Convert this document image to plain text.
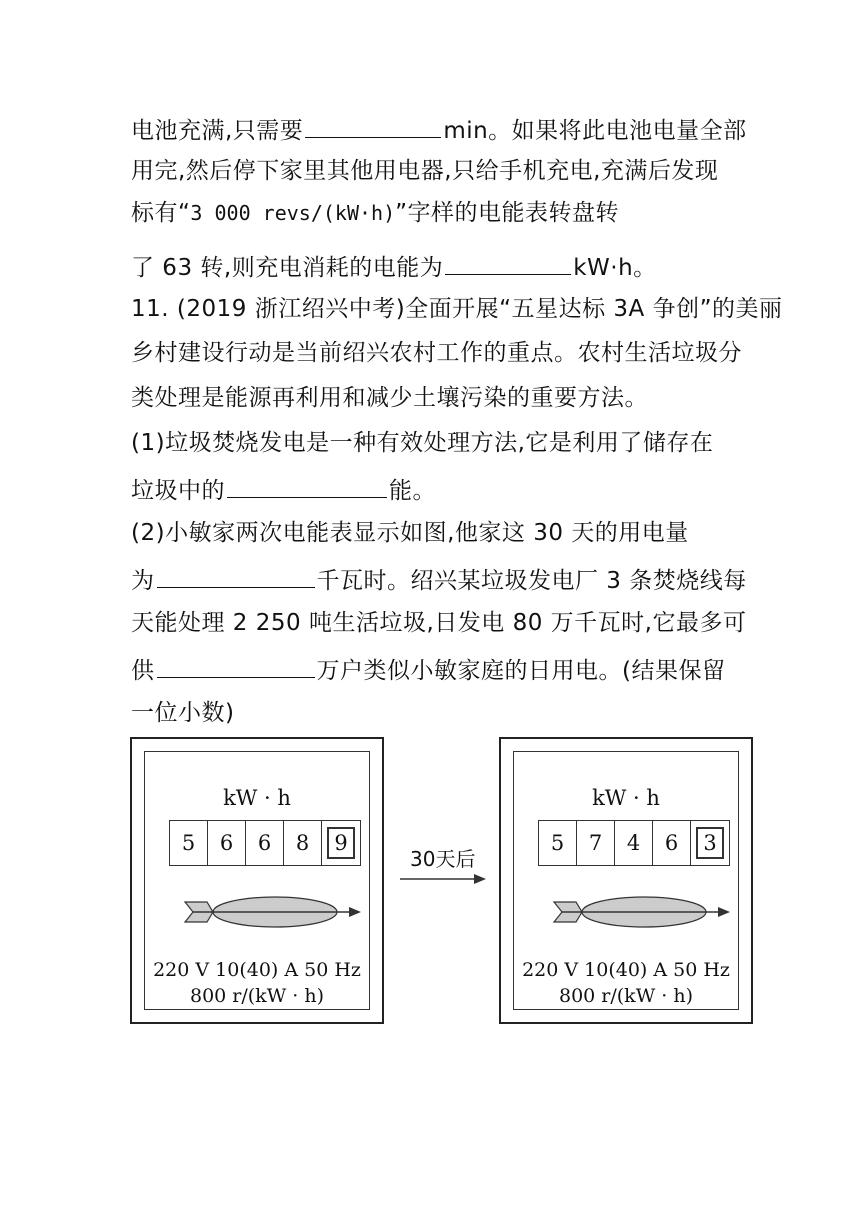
电池充满,只需要	min。如果将此电池电量全部
用完,然后停下家里其他用电器,只给手机充电,充满后发现
标有“3 000 revs/(kW·h)”字样的电能表转盘转
了 63 转,则充电消耗的电能为	kW·h。
11. (2019 浙江绍兴中考)全面开展“五星达标 3A 争创”的美丽
乡村建设行动是当前绍兴农村工作的重点。农村生活垃圾分
类处理是能源再利用和减少土壤污染的重要方法。
(1)垃圾焚烧发电是一种有效处理方法,它是利用了储存在
垃圾中的	能。
(2)小敏家两次电能表显示如图,他家这 30 天的用电量
为	千瓦时。绍兴某垃圾发电厂 3 条焚烧线每
天能处理 2 250 吨生活垃圾,日发电 80 万千瓦时,它最多可
供	万户类似小敏家庭的日用电。(结果保留
一位小数)
kW · h
5	6	6	8	9
220 V 10(40) A 50 Hz
800 r/(kW · h)
30天后
kW · h
5	7	4	6	3
220 V 10(40) A 50 Hz
800 r/(kW · h)
